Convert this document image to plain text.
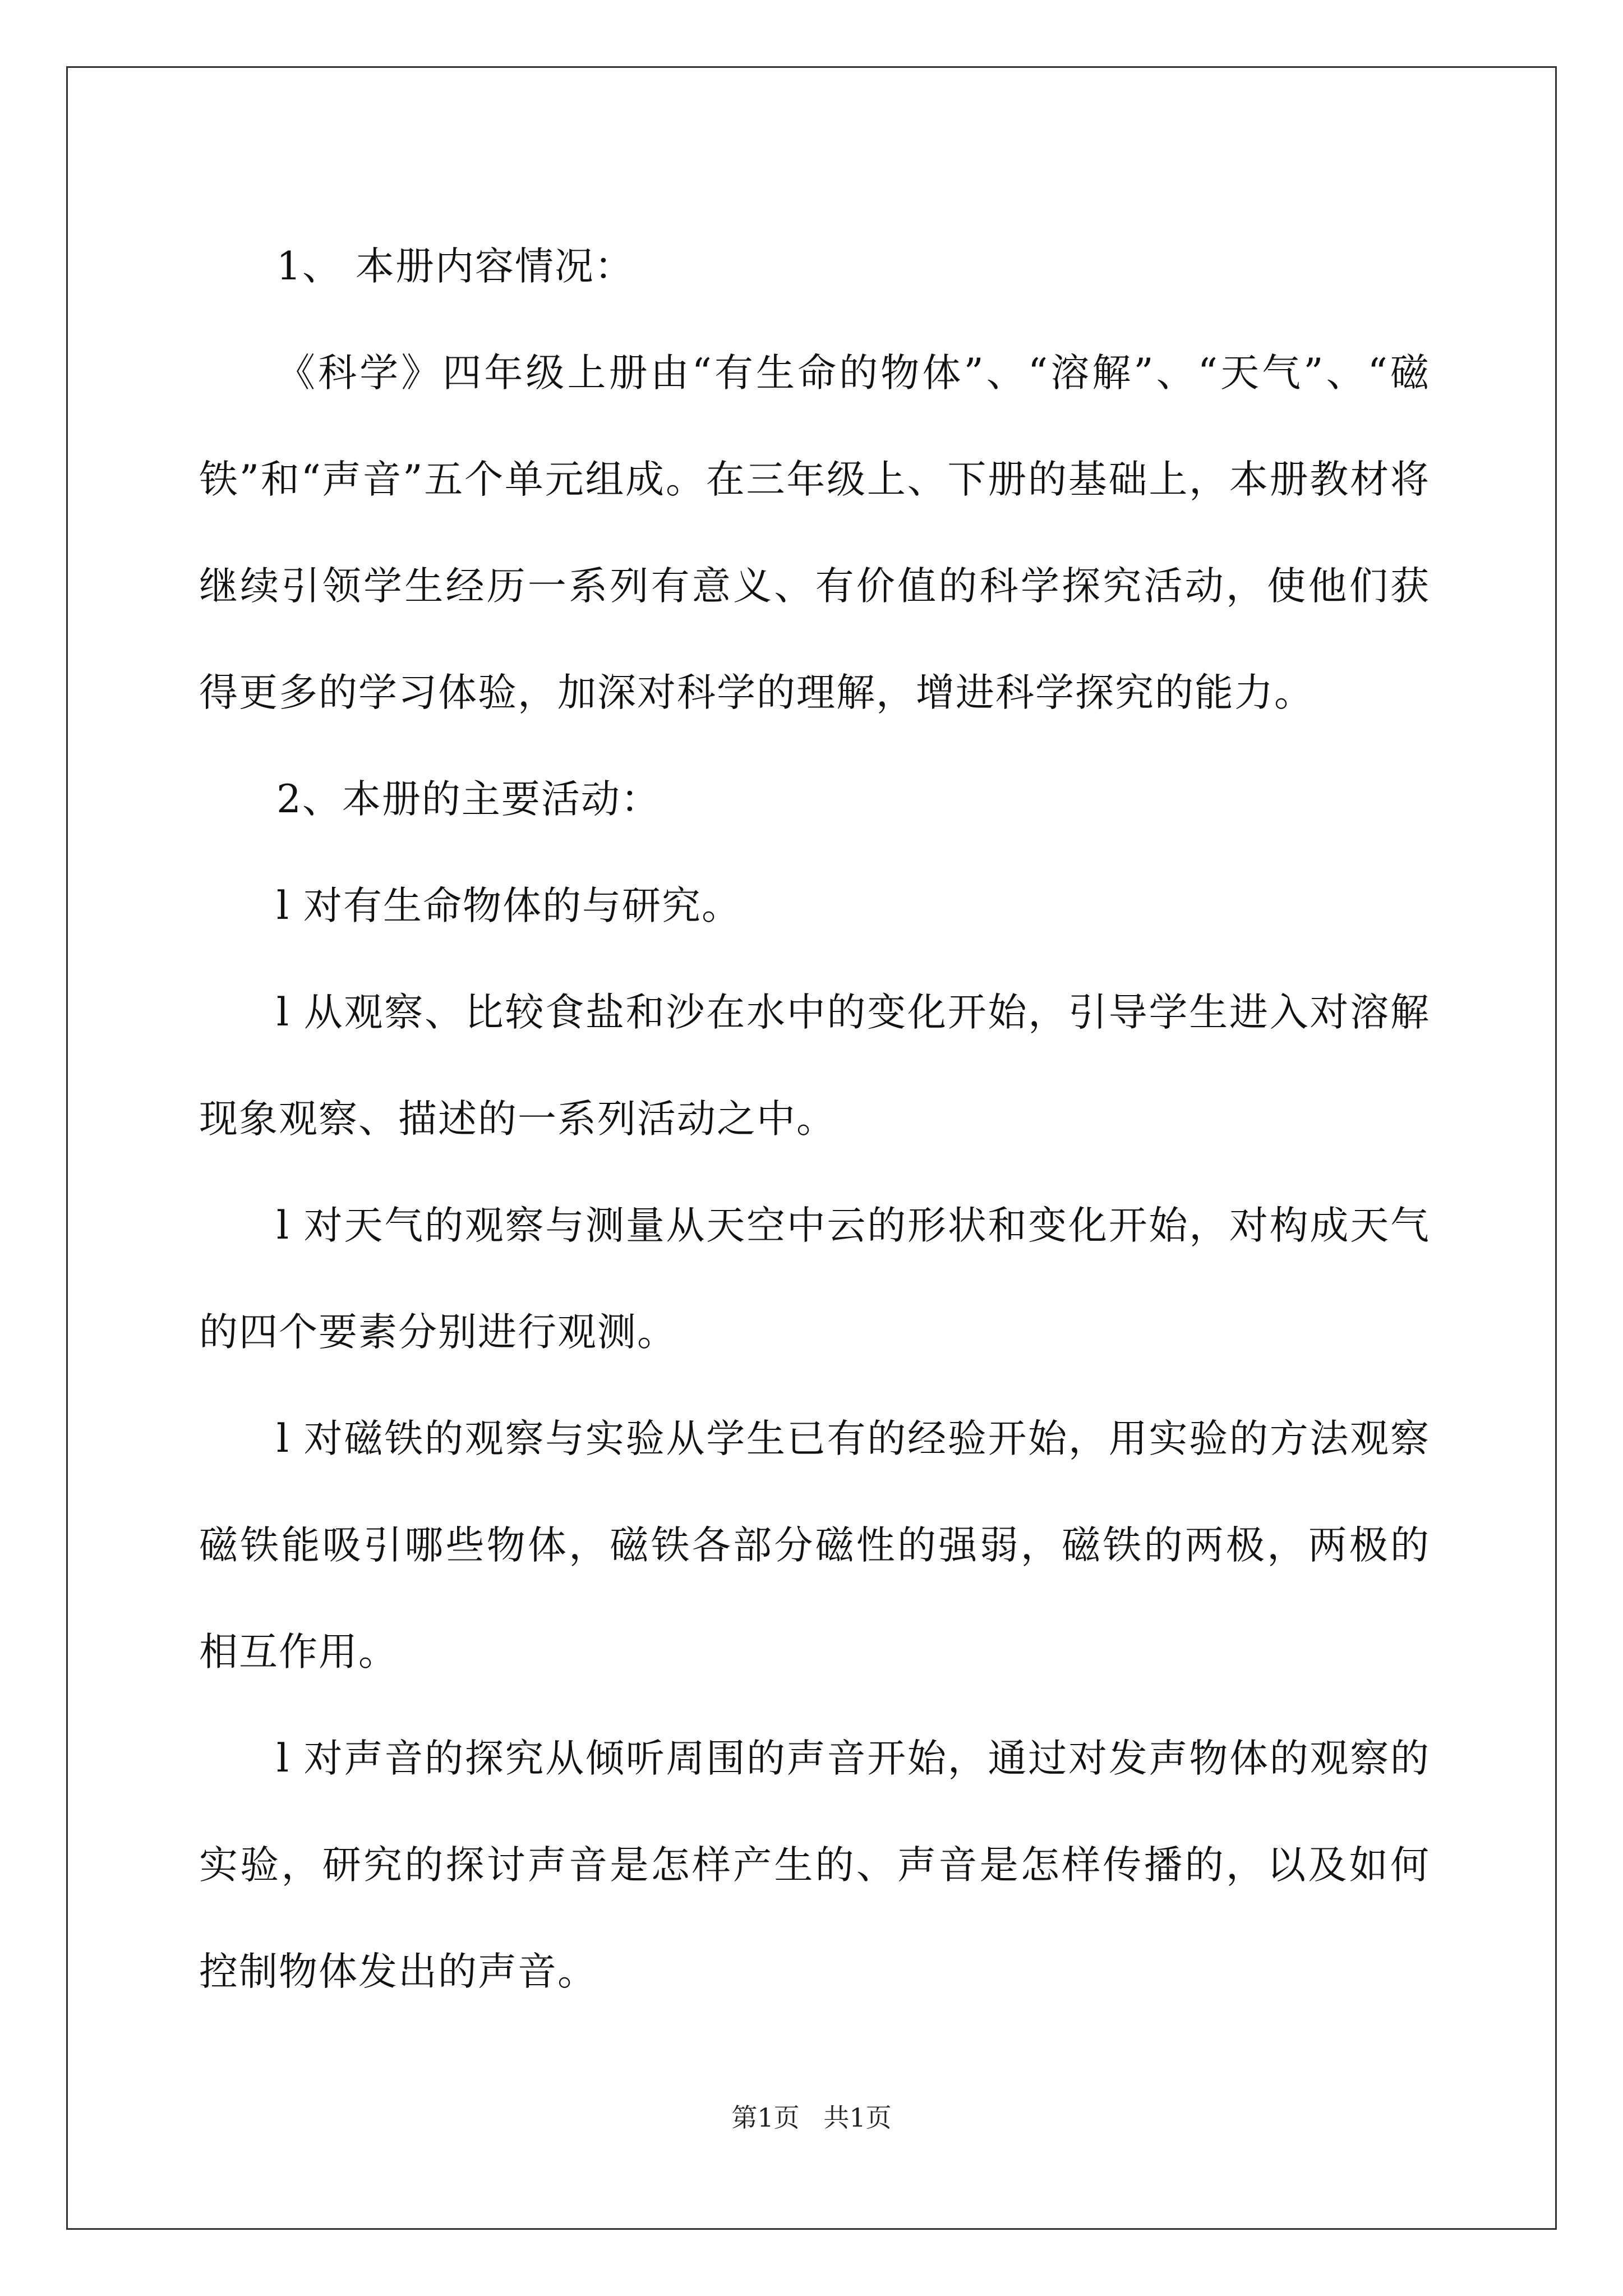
1、 本册内容情况：

《科学》四年级上册由“有生命的物体”、“溶解”、“天气”、“磁铁”和“声音”五个单元组成。在三年级上、下册的基础上，本册教材将继续引领学生经历一系列有意义、有价值的科学探究活动，使他们获得更多的学习体验，加深对科学的理解，增进科学探究的能力。

2、本册的主要活动：

l 对有生命物体的与研究。

l 从观察、比较食盐和沙在水中的变化开始，引导学生进入对溶解现象观察、描述的一系列活动之中。

l 对天气的观察与测量从天空中云的形状和变化开始，对构成天气的四个要素分别进行观测。

l 对磁铁的观察与实验从学生已有的经验开始，用实验的方法观察磁铁能吸引哪些物体，磁铁各部分磁性的强弱，磁铁的两极，两极的相互作用。

l 对声音的探究从倾听周围的声音开始，通过对发声物体的观察的实验，研究的探讨声音是怎样产生的、声音是怎样传播的，以及如何控制物体发出的声音。

第1页 共1页
